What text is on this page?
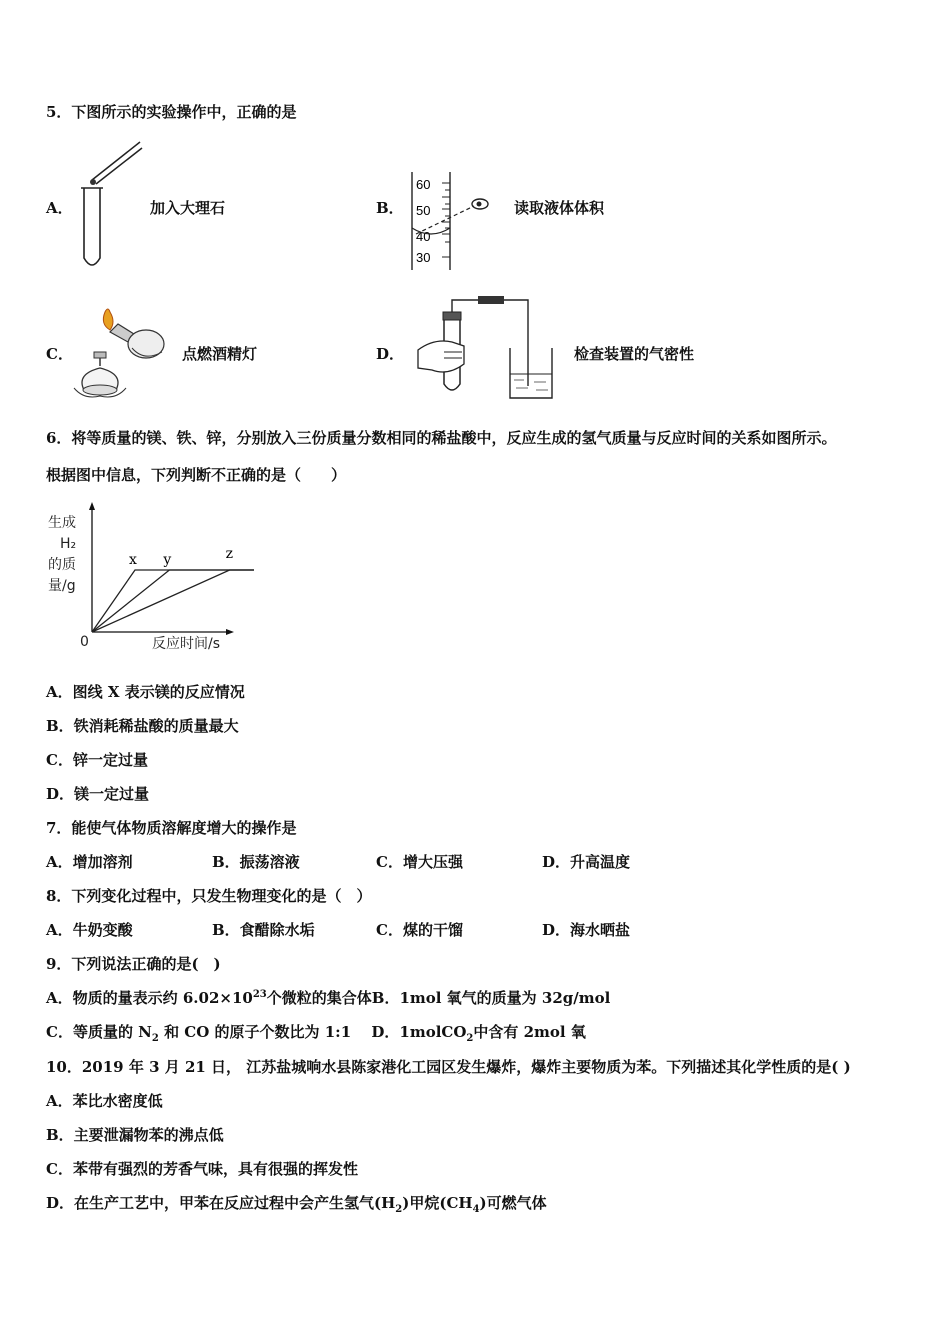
5．下图所示的实验操作中，正确的是
A．	加入大理石	B．
60
50
40
30
读取液体体积
C．	点燃酒精灯	D．	检查装置的气密性
6．将等质量的镁、铁、锌，分别放入三份质量分数相同的稀盐酸中，反应生成的氢气质量与反应时间的关系如图所示。
根据图中信息，下列判断不正确的是（　　）
生成
H₂
的质
量/g
0	反应时间/s
x y	z
A．图线 X 表示镁的反应情况
B．铁消耗稀盐酸的质量最大
C．锌一定过量
D．镁一定过量
7．能使气体物质溶解度增大的操作是
A．增加溶剂	B．振荡溶液	C．增大压强	D．升高温度
8．下列变化过程中，只发生物理变化的是（　）
A．牛奶变酸	B．食醋除水垢	C．煤的干馏	D．海水晒盐
9．下列说法正确的是(　)
A．物质的量表示约 $6.02\times 10^{23}$个微粒的集合体B．1mol 氧气的质量为 32g/mol
C．等质量的 $N_2$ 和 CO 的原子个数比为 1:1　 D．1molCO$_2$中含有 2mol 氧
10．2019 年 3 月 21 日， 江苏盐城响水县陈家港化工园区发生爆炸，爆炸主要物质为苯。下列描述其化学性质的是( )
A．苯比水密度低
B．主要泄漏物苯的沸点低
C．苯带有强烈的芳香气味，具有很强的挥发性
D．在生产工艺中，甲苯在反应过程中会产生氢气$(H_2)$甲烷$(CH_4)$可燃气体
